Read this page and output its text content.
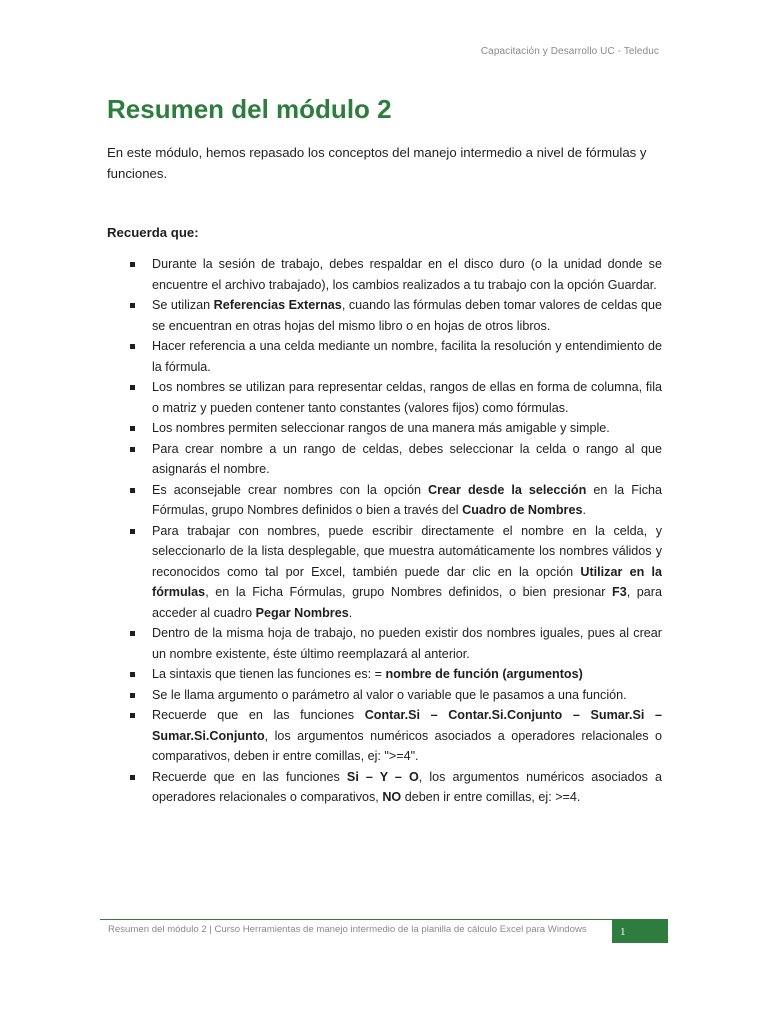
Capacitación y Desarrollo UC - Teleduc
Resumen del módulo 2

En este módulo, hemos repasado los conceptos del manejo intermedio a nivel de fórmulas y funciones.

Recuerda que:

Durante la sesión de trabajo, debes respaldar en el disco duro (o la unidad donde se encuentre el archivo trabajado), los cambios realizados a tu trabajo con la opción Guardar.
Se utilizan Referencias Externas, cuando las fórmulas deben tomar valores de celdas que se encuentran en otras hojas del mismo libro o en hojas de otros libros.
Hacer referencia a una celda mediante un nombre, facilita la resolución y entendimiento de la fórmula.
Los nombres se utilizan para representar celdas, rangos de ellas en forma de columna, fila o matriz y pueden contener tanto constantes (valores fijos) como fórmulas.
Los nombres permiten seleccionar rangos de una manera más amigable y simple.
Para crear nombre a un rango de celdas, debes seleccionar la celda o rango al que asignarás el nombre.
Es aconsejable crear nombres con la opción Crear desde la selección en la Ficha Fórmulas, grupo Nombres definidos o bien a través del Cuadro de Nombres.
Para trabajar con nombres, puede escribir directamente el nombre en la celda, y seleccionarlo de la lista desplegable, que muestra automáticamente los nombres válidos y reconocidos como tal por Excel, también puede dar clic en la opción Utilizar en la fórmulas, en la Ficha Fórmulas, grupo Nombres definidos, o bien presionar F3, para acceder al cuadro Pegar Nombres.
Dentro de la misma hoja de trabajo, no pueden existir dos nombres iguales, pues al crear un nombre existente, éste último reemplazará al anterior.
La sintaxis que tienen las funciones es: = nombre de función (argumentos)
Se le llama argumento o parámetro al valor o variable que le pasamos a una función.
Recuerde que en las funciones Contar.Si – Contar.Si.Conjunto – Sumar.Si – Sumar.Si.Conjunto, los argumentos numéricos asociados a operadores relacionales o comparativos, deben ir entre comillas, ej: ">=4".
Recuerde que en las funciones Si – Y – O, los argumentos numéricos asociados a operadores relacionales o comparativos, NO deben ir entre comillas, ej: >=4.
Resumen del módulo 2 | Curso Herramientas de manejo intermedio de la planilla de cálculo Excel para Windows	1
